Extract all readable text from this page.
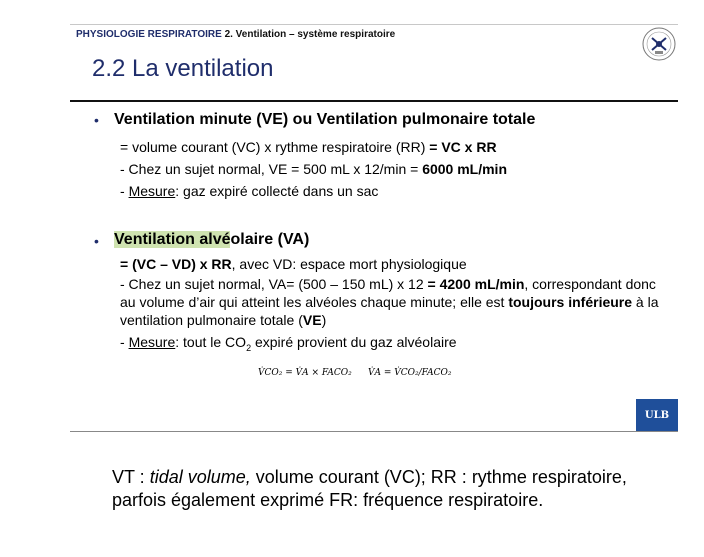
PHYSIOLOGIE RESPIRATOIRE 2. Ventilation – système respiratoire
2.2 La ventilation
• Ventilation minute (VE) ou Ventilation pulmonaire totale
= volume courant (VC) x rythme respiratoire (RR) = VC x RR
- Chez un sujet normal, VE = 500 mL x 12/min = 6000 mL/min
- Mesure: gaz expiré collecté dans un sac
• Ventilation alvéolaire (VA)
= (VC – VD) x RR, avec VD: espace mort physiologique
- Chez un sujet normal, VA= (500 – 150 mL) x 12 = 4200 mL/min, correspondant donc au volume d’air qui atteint les alvéoles chaque minute; elle est toujours inférieure à la ventilation pulmonaire totale (VE)
- Mesure: tout le $CO_2$ expiré provient du gaz alvéolaire
V̇CO₂ = V̇A × FACO₂ V̇A = V̇CO₂/FACO₂
ULB
VT : tidal volume, volume courant (VC); RR : rythme respiratoire, parfois également exprimé FR: fréquence respiratoire.
